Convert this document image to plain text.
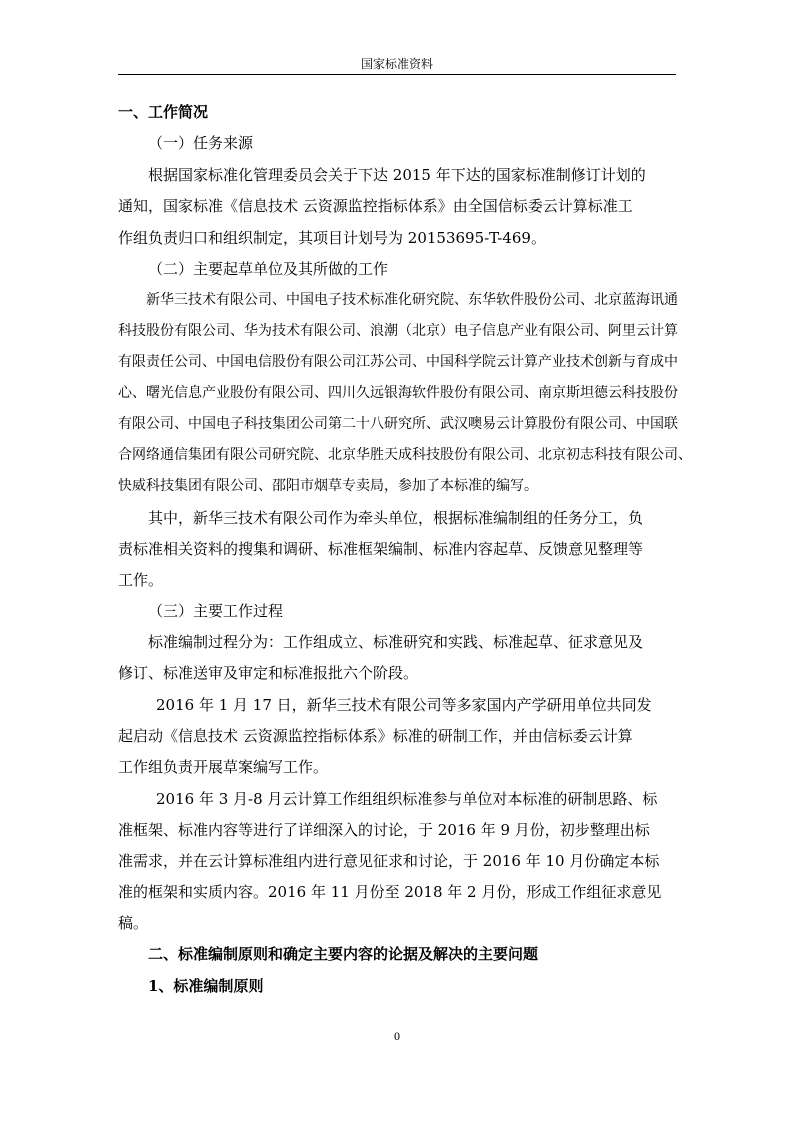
国家标准资料
一、工作简况
（一）任务来源
根据国家标准化管理委员会关于下达 2015 年下达的国家标准制修订计划的
通知，国家标准《信息技术 云资源监控指标体系》由全国信标委云计算标准工
作组负责归口和组织制定，其项目计划号为 20153695-T-469。
（二）主要起草单位及其所做的工作
新华三技术有限公司、中国电子技术标准化研究院、东华软件股份公司、北京蓝海讯通
科技股份有限公司、华为技术有限公司、浪潮（北京）电子信息产业有限公司、阿里云计算
有限责任公司、中国电信股份有限公司江苏公司、中国科学院云计算产业技术创新与育成中
心、曙光信息产业股份有限公司、四川久远银海软件股份有限公司、南京斯坦德云科技股份
有限公司、中国电子科技集团公司第二十八研究所、武汉噢易云计算股份有限公司、中国联
合网络通信集团有限公司研究院、北京华胜天成科技股份有限公司、北京初志科技有限公司、
快威科技集团有限公司、邵阳市烟草专卖局，参加了本标准的编写。
其中，新华三技术有限公司作为牵头单位，根据标准编制组的任务分工，负
责标准相关资料的搜集和调研、标准框架编制、标准内容起草、反馈意见整理等
工作。
（三）主要工作过程
标准编制过程分为：工作组成立、标准研究和实践、标准起草、征求意见及
修订、标准送审及审定和标准报批六个阶段。
2016 年 1 月 17 日，新华三技术有限公司等多家国内产学研用单位共同发
起启动《信息技术 云资源监控指标体系》标准的研制工作，并由信标委云计算
工作组负责开展草案编写工作。
2016 年 3 月-8 月云计算工作组组织标准参与单位对本标准的研制思路、标
准框架、标准内容等进行了详细深入的讨论，于 2016 年 9 月份，初步整理出标
准需求，并在云计算标准组内进行意见征求和讨论，于 2016 年 10 月份确定本标
准的框架和实质内容。2016 年 11 月份至 2018 年 2 月份，形成工作组征求意见
稿。
二、标准编制原则和确定主要内容的论据及解决的主要问题
1、标准编制原则
0
